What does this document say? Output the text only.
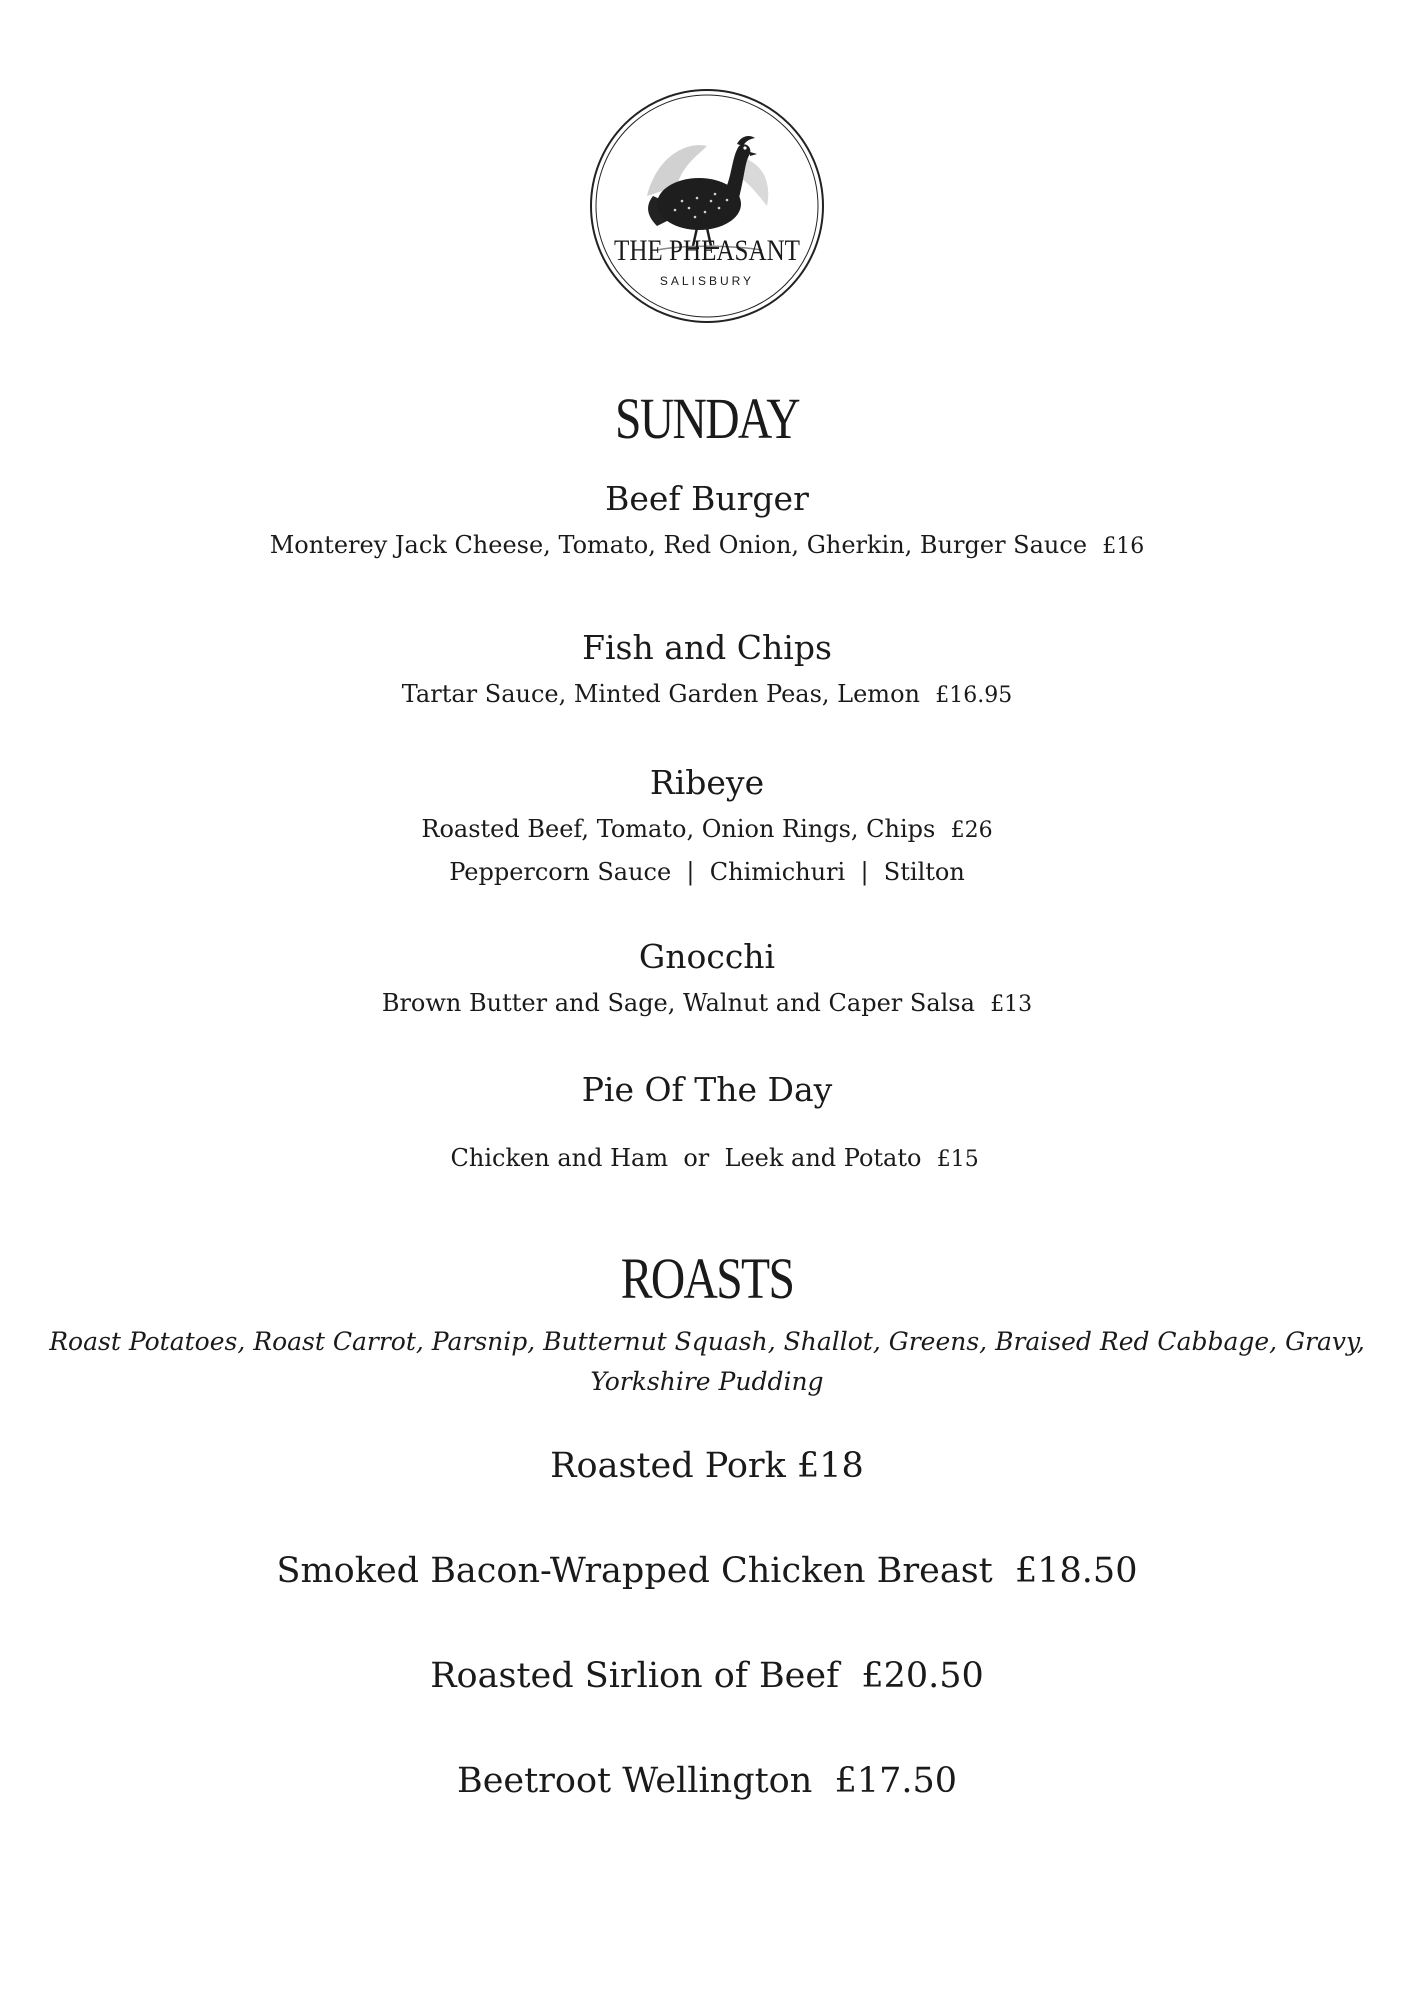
THE PHEASANT
SALISBURY
SUNDAY
Beef Burger
Monterey Jack Cheese, Tomato, Red Onion, Gherkin, Burger Sauce £16
Fish and Chips
Tartar Sauce, Minted Garden Peas, Lemon £16.95
Ribeye
Roasted Beef, Tomato, Onion Rings, Chips £26
Peppercorn Sauce  |  Chimichuri  |  Stilton
Gnocchi
Brown Butter and Sage, Walnut and Caper Salsa £13
Pie Of The Day

Chicken and Ham  or  Leek and Potato £15

ROASTS
Roast Potatoes, Roast Carrot, Parsnip, Butternut Squash, Shallot, Greens, Braised Red Cabbage, Gravy,
Yorkshire Pudding
Roasted Pork £18
Smoked Bacon-Wrapped Chicken Breast £18.50
Roasted Sirlion of Beef £20.50
Beetroot Wellington £17.50
